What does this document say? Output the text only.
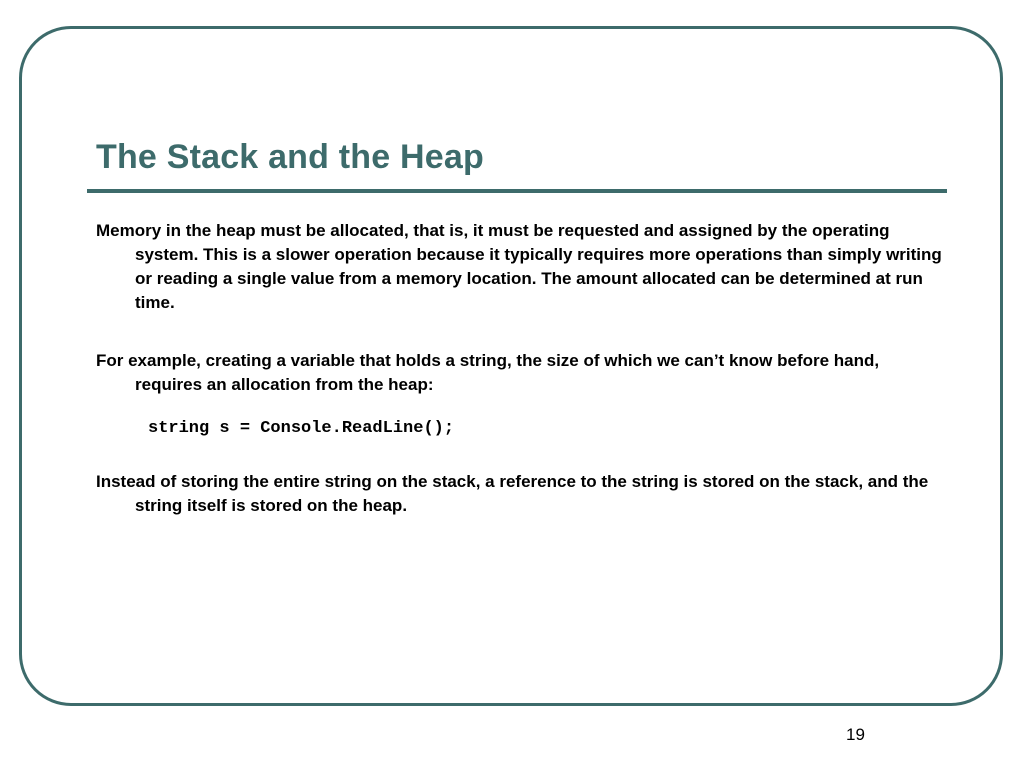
The Stack and the Heap

Memory in the heap must be allocated, that is, it must be requested and assigned by the operating system. This is a slower operation because it typically requires more operations than simply writing or reading a single value from a memory location. The amount allocated can be determined at run time.

For example, creating a variable that holds a string, the size of which we can’t know before hand, requires an allocation from the heap:

string s = Console.ReadLine();

Instead of storing the entire string on the stack, a reference to the string is stored on the stack, and the string itself is stored on the heap.

19
